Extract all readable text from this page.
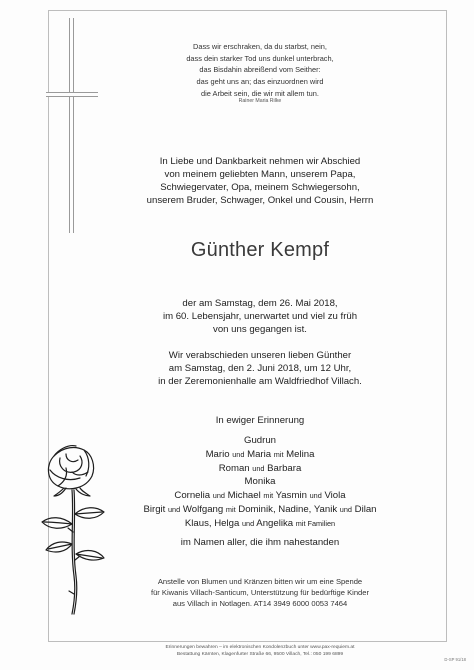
Dass wir erschraken, da du starbst, nein,
dass dein starker Tod uns dunkel unterbrach,
das Bisdahin abreißend vom Seither:
das geht uns an; das einzuordnen wird
die Arbeit sein, die wir mit allem tun.
Rainer Maria Rilke
In Liebe und Dankbarkeit nehmen wir Abschied
von meinem geliebten Mann, unserem Papa,
Schwiegervater, Opa, meinem Schwiegersohn,
unserem Bruder, Schwager, Onkel und Cousin, Herrn
Günther Kempf
der am Samstag, dem 26. Mai 2018,
im 60. Lebensjahr, unerwartet und viel zu früh
von uns gegangen ist.
Wir verabschieden unseren lieben Günther
am Samstag, den 2. Juni 2018, um 12 Uhr,
in der Zeremonienhalle am Waldfriedhof Villach.
In ewiger Erinnerung
Gudrun
Mario und Maria mit Melina
Roman und Barbara
Monika
Cornelia und Michael mit Yasmin und Viola
Birgit und Wolfgang mit Dominik, Nadine, Yanik und Dilan
Klaus, Helga und Angelika mit Familien
im Namen aller, die ihm nahestanden
Anstelle von Blumen und Kränzen bitten wir um eine Spende
für Kiwanis Villach-Santicum, Unterstützung für bedürftige Kinder
aus Villach in Notlagen. AT14 3949 6000 0053 7464
Erinnerungen bewahren – im elektronischen Kondolenzbuch unter www.pax-requiem.at
Bestattung Kärnten, Klagenfurter Straße 66, 9500 Villach, Tel.: 050 199 6899
D-SP 91/18
